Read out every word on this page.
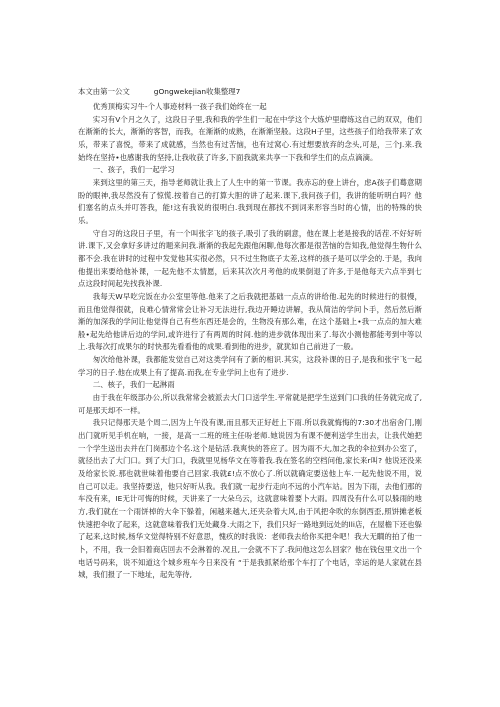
本文由第一公文	gOngwekejian收集整理7

优秀顶梅实习牛-个人事迹材料一孩子我们始终在一起

实习有V个月之久了，这段日子里,我和我的学生们一起在中学这个大炼炉里磨练这自己的双双，他们在渐渐的长大，渐渐的客智，而我，在渐渐的成熟，在渐渐坚般。这段H子里，这些孩子们给我带来了欢乐，带来了喜悦，带来了成就感，当然也有过苦恼，也有过窝心.有过想要放弃的念头,可是，三个J.来.我始终在坚持•也感谢我的坚持,让我收获了许多,下面我就来共享一下我和学生们的点点滴滴。

一、孩子，我们一起学习

来到这里的第三天，指导老师就让我上了人生中的第一节课。我赤忘的登上讲台，虑A孩子们蓦意期盼的眼神,我尽然没有了惊慌.按着自己的打算大胆的讲了起来.课下,我问孩子们，我讲的能听明白吗？他们塞名的点头并叮答我，能!这有我说的很明白.我到现在都找不到词来形容当时的心情，出的特殊的快乐。

守自习的这段日子里，有一个叫张字飞的孩子,吸引了我的刷意，他在课上老是接我的话茬.不好好听讲.课下,又会拿好多讲过的题来问我.渐渐的我起先跟他闲聊,他每次都是很苦恼的告知我,他觉得生物什么都不会.我在讲时的过程中发觉他其实很必然，只不过生物底子太差,这样的孩子是可以学会的.于是，我向他提出来要给他补课，一起先他不太情愿，后来其次次月考他的成果倒退了许多,于是他每天六点半到七点这段时间起先找我补课.

我每天W早吃完饭在办公室里等他.他来了之后我就把基础一点点的讲给他.起先的时候进行的很慢，而且他觉得很就，良难心情常常会让补习无法进行,我边开睡边讲解，我从简洁的学问卜手，然后然后渐渐的加深我的学问让他觉得自己有些东西还是会的，生物没有那么难，在这个基础上•我一点点的加大难般•起先给他讲后边的学问,或许进行了有两周的时间.他的进步就体现出来了.每次小测他都能考到中等以上.我每次打成果尔的时快那先看看他的成果.看到他的进步，就犹如自己前进了一般。

匆次给他补课，我都能发觉自己对这类学问有了新的相识.其实，这段补课的日子,是我和张宇飞一起学习的日子.他在成果上有了提高.而我,在专业学问上也有了进步.

二、核子，我们一起淋雨

由于我在年级部办公,所以我常常会被派去大门口送学生.平常就是把学生送到门口我的任务就完成了,可是那天却不一样。

我只记得那天是个周二,因为上午没有课,而且那天正好赶上下雨.所以我就悔悔的7:30才出宿舍门,刚出门就听见手机在响，一接，是高一二班的班主任吩老师.她说因为有课不便利送学生出去，让我代她把一个学生送出去并在门岗那边个名.这个是钻活.我爽快的答应了。因为雨不大,加之我的伞拉到办公室了，就径出去了大门口。到了大门口，我就里见杨华文在等着我.我在签名的空档问他,家长来r叫? 他说还没来及给家长说.那也就世味着他要自己回家.我就£!点不放心了.所以就确定要送他上车.一起先他说不用，说自己可以走。我坚持要送，他只好听从我。我们就一起步行走向不远的小汽车站。因为下雨，去他们那的车没有来，IE无计可悔的时候，天讲来了一大朵乌云，这就意味着要卜大雨。四周没有什么可以躲雨的地方,我们就在一个雨饼棹的大伞下躲着，闲越来越大,还夹杂着大风,由于风把伞吹的东倒西歪,照饼摊老板快速把伞收了起来，这就意味着我们无处藏身.大雨之下，我们只好一路地到远处的lli店，在屋檐下还也躲了起来,这时候,杨华文觉得特别不好意思，愧疚的时我说：老师我去给你买把伞吧！我大无瞷的拍了他一卜，不用，我一会旧着商店回去不会淋着的.况且,一会就不下了.我问他这怎么回家？他在钱包里文出一个电话号码来，说不知道这个城乡班车今日来没有 “于是我抓紧给那个车打了个电话，幸运的是人家就在县城，我们报了一下地址，起先等待,
